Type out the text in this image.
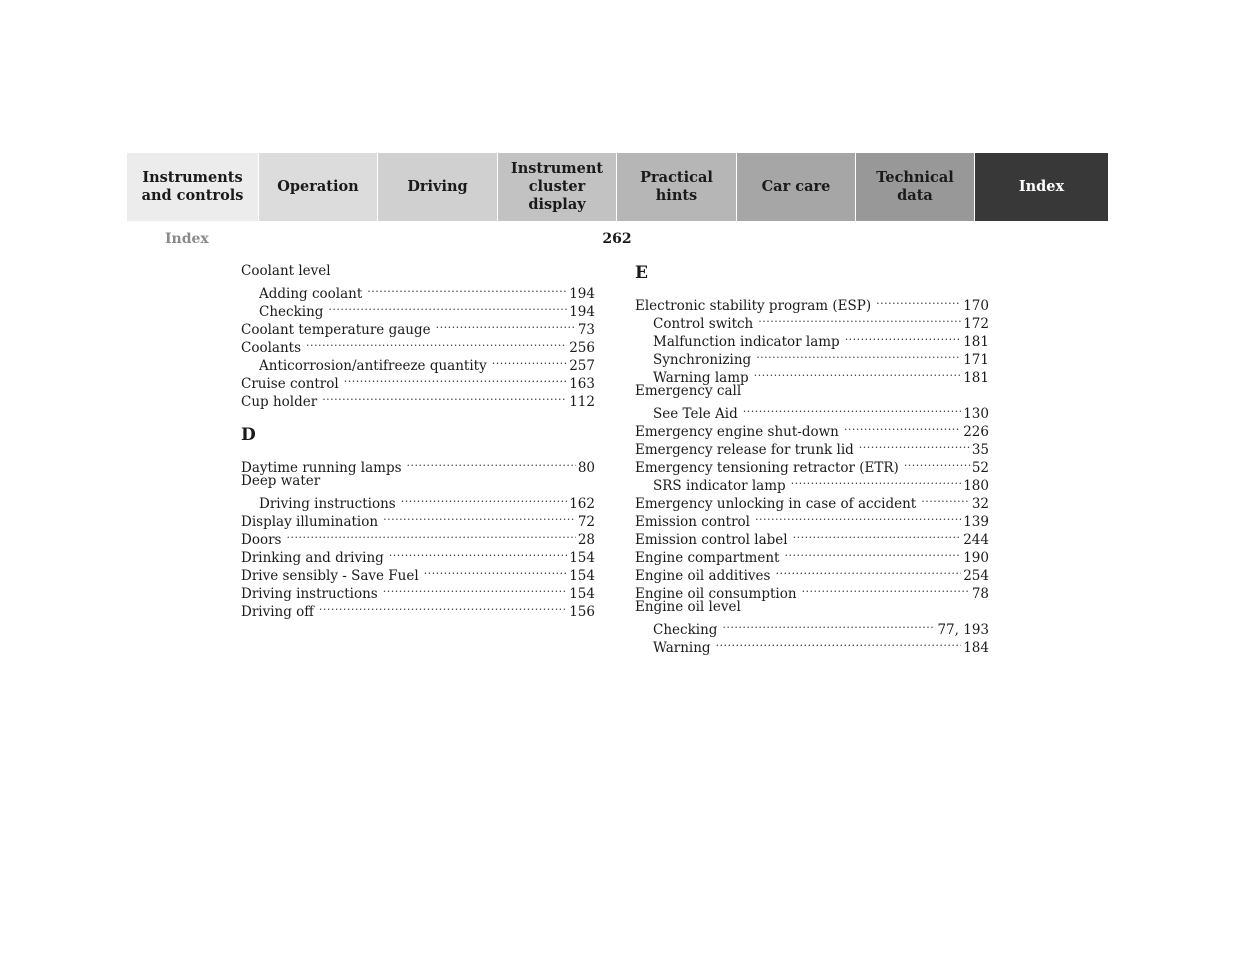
Instruments
and controls
Operation	Driving
Instrument
cluster display
Practical hints
Car care
Technical
data
Index
Index	262
Coolant level
Adding coolant .....	194
Checking .....	194
Coolant temperature gauge .....	73
Coolants .....	256
Anticorrosion/antifreeze quantity .....	257
Cruise control .....	163
Cup holder .....	112
D
Daytime running lamps .....	80
Deep water
Driving instructions .....	162
Display illumination .....	72
Doors .....	28
Drinking and driving .....	154
Drive sensibly - Save Fuel .....	154
Driving instructions .....	154
Driving off .....	156
E
Electronic stability program (ESP) .....	170
Control switch .....	172
Malfunction indicator lamp .....	181
Synchronizing .....	171
Warning lamp .....	181
Emergency call
See Tele Aid .....	130
Emergency engine shut-down .....	226
Emergency release for trunk lid .....	35
Emergency tensioning retractor (ETR) .....	52
SRS indicator lamp .....	180
Emergency unlocking in case of accident .....	32
Emission control .....	139
Emission control label .....	244
Engine compartment .....	190
Engine oil additives .....	254
Engine oil consumption .....	78
Engine oil level
Checking .....	77, 193
Warning .....	184
